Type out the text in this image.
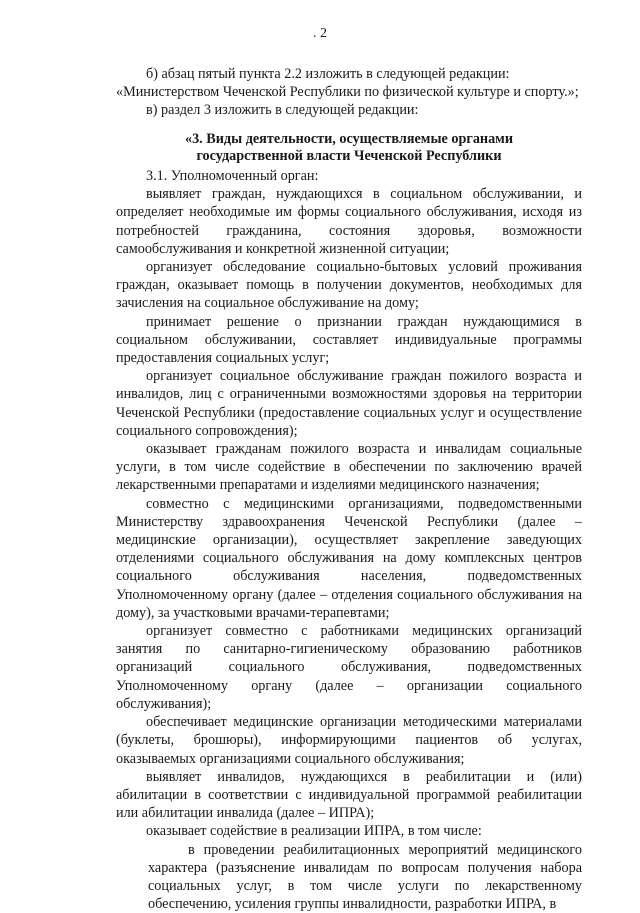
. 2

б) абзац пятый пункта 2.2 изложить в следующей редакции:

«Министерством Чеченской Республики по физической культуре и спорту.»;

в) раздел 3 изложить в следующей редакции:

«3. Виды деятельности, осуществляемые органами

государственной власти Чеченской Республики

3.1. Уполномоченный орган:

выявляет граждан, нуждающихся в социальном обслуживании, и определяет необходимые им формы социального обслуживания, исходя из потребностей гражданина, состояния здоровья, возможности самообслуживания и конкретной жизненной ситуации;

организует обследование социально-бытовых условий проживания граждан, оказывает помощь в получении документов, необходимых для зачисления на социальное обслуживание на дому;

принимает решение о признании граждан нуждающимися в социальном обслуживании, составляет индивидуальные программы предоставления социальных услуг;

организует социальное обслуживание граждан пожилого возраста и инвалидов, лиц с ограниченными возможностями здоровья на территории Чеченской Республики (предоставление социальных услуг и осуществление социального сопровождения);

оказывает гражданам пожилого возраста и инвалидам социальные услуги, в том числе содействие в обеспечении по заключению врачей лекарственными препаратами и изделиями медицинского назначения;

совместно с медицинскими организациями, подведомственными Министерству здравоохранения Чеченской Республики (далее – медицинские организации), осуществляет закрепление заведующих отделениями социального обслуживания на дому комплексных центров социального обслуживания населения, подведомственных Уполномоченному органу (далее – отделения социального обслуживания на дому), за участковыми врачами-терапевтами;

организует совместно с работниками медицинских организаций занятия по санитарно-гигиеническому образованию работников организаций социального обслуживания, подведомственных Уполномоченному органу (далее – организации социального обслуживания);

обеспечивает медицинские организации методическими материалами (буклеты, брошюры), информирующими пациентов об услугах, оказываемых организациями социального обслуживания;

выявляет инвалидов, нуждающихся в реабилитации и (или) абилитации в соответствии с индивидуальной программой реабилитации или абилитации инвалида (далее – ИПРА);

оказывает содействие в реализации ИПРА, в том числе:

в проведении реабилитационных мероприятий медицинского характера (разъяснение инвалидам по вопросам получения набора социальных услуг, в том числе услуги по лекарственному обеспечению, усиления группы инвалидности, разработки ИПРА, в
